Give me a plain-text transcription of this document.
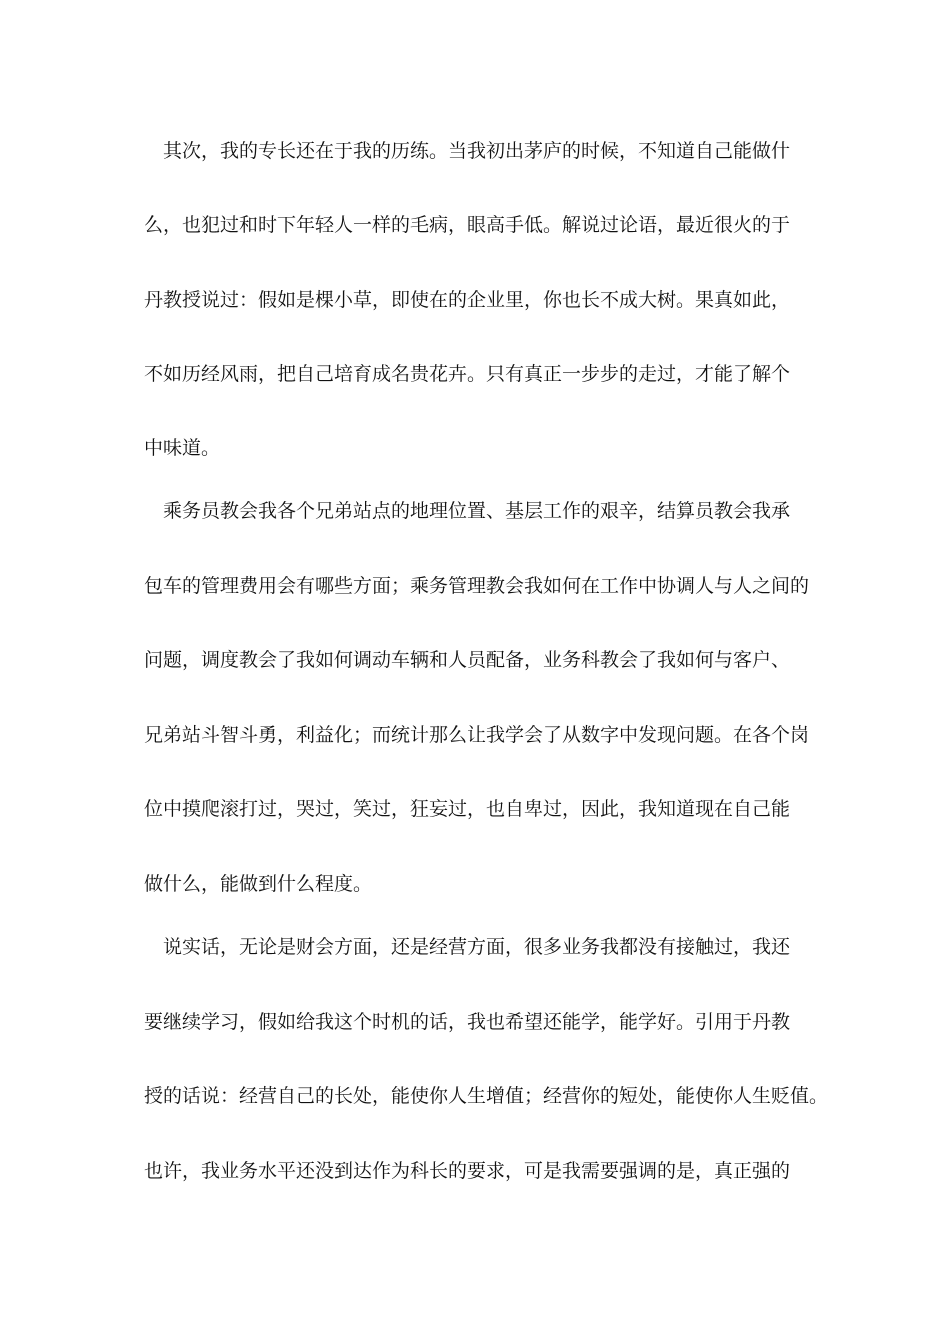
其次，我的专长还在于我的历练。当我初出茅庐的时候，不知道自己能做什

么，也犯过和时下年轻人一样的毛病，眼高手低。解说过论语，最近很火的于

丹教授说过：假如是棵小草，即使在的企业里，你也长不成大树。果真如此，

不如历经风雨，把自己培育成名贵花卉。只有真正一步步的走过，才能了解个

中味道。

乘务员教会我各个兄弟站点的地理位置、基层工作的艰辛，结算员教会我承

包车的管理费用会有哪些方面；乘务管理教会我如何在工作中协调人与人之间的

问题，调度教会了我如何调动车辆和人员配备，业务科教会了我如何与客户、

兄弟站斗智斗勇，利益化；而统计那么让我学会了从数字中发现问题。在各个岗

位中摸爬滚打过，哭过，笑过，狂妄过，也自卑过，因此，我知道现在自己能

做什么，能做到什么程度。

说实话，无论是财会方面，还是经营方面，很多业务我都没有接触过，我还

要继续学习，假如给我这个时机的话，我也希望还能学，能学好。引用于丹教

授的话说：经营自己的长处，能使你人生增值；经营你的短处，能使你人生贬值。

也许，我业务水平还没到达作为科长的要求，可是我需要强调的是，真正强的
